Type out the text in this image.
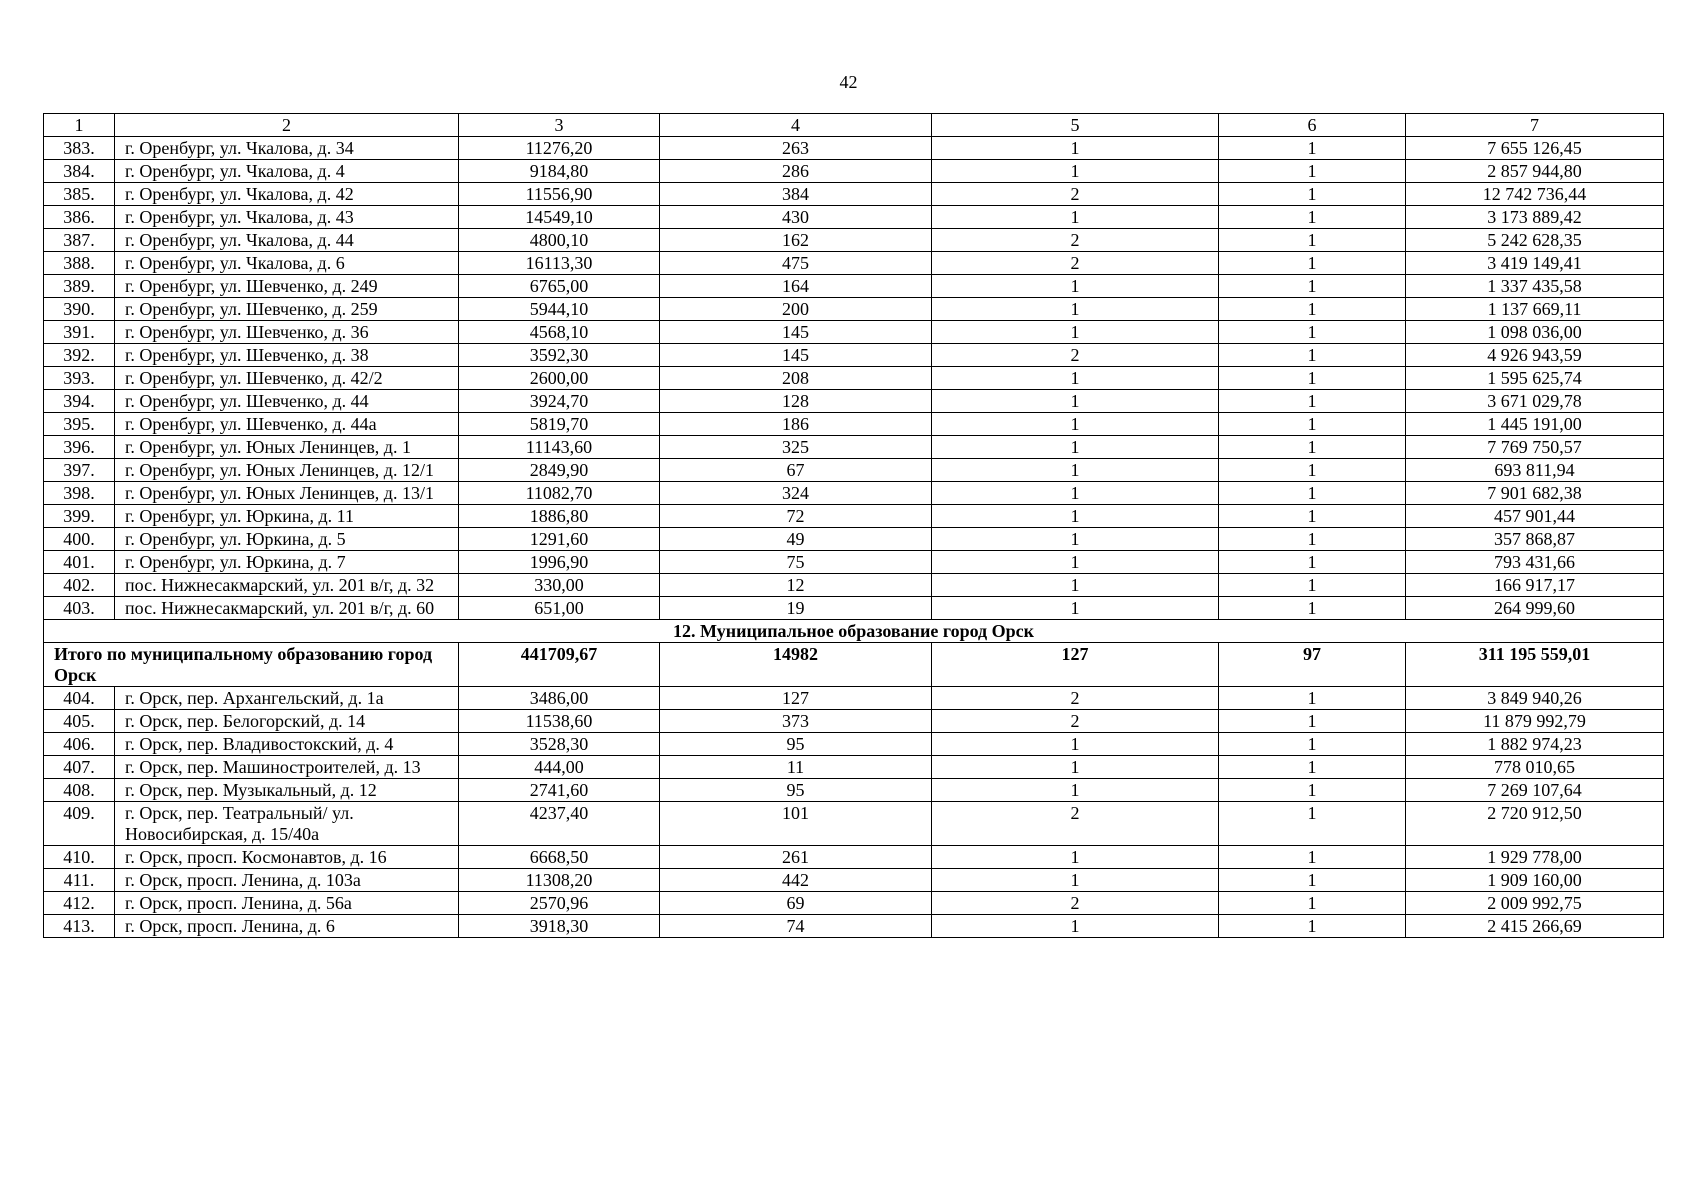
42
1	2	3	4	5	6	7
383.	г. Оренбург, ул. Чкалова, д. 34	11276,20	263	1	1	7 655 126,45
384.	г. Оренбург, ул. Чкалова, д. 4	9184,80	286	1	1	2 857 944,80
385.	г. Оренбург, ул. Чкалова, д. 42	11556,90	384	2	1	12 742 736,44
386.	г. Оренбург, ул. Чкалова, д. 43	14549,10	430	1	1	3 173 889,42
387.	г. Оренбург, ул. Чкалова, д. 44	4800,10	162	2	1	5 242 628,35
388.	г. Оренбург, ул. Чкалова, д. 6	16113,30	475	2	1	3 419 149,41
389.	г. Оренбург, ул. Шевченко, д. 249	6765,00	164	1	1	1 337 435,58
390.	г. Оренбург, ул. Шевченко, д. 259	5944,10	200	1	1	1 137 669,11
391.	г. Оренбург, ул. Шевченко, д. 36	4568,10	145	1	1	1 098 036,00
392.	г. Оренбург, ул. Шевченко, д. 38	3592,30	145	2	1	4 926 943,59
393.	г. Оренбург, ул. Шевченко, д. 42/2	2600,00	208	1	1	1 595 625,74
394.	г. Оренбург, ул. Шевченко, д. 44	3924,70	128	1	1	3 671 029,78
395.	г. Оренбург, ул. Шевченко, д. 44а	5819,70	186	1	1	1 445 191,00
396.	г. Оренбург, ул. Юных Ленинцев, д. 1	11143,60	325	1	1	7 769 750,57
397.	г. Оренбург, ул. Юных Ленинцев, д. 12/1	2849,90	67	1	1	693 811,94
398.	г. Оренбург, ул. Юных Ленинцев, д. 13/1	11082,70	324	1	1	7 901 682,38
399.	г. Оренбург, ул. Юркина, д. 11	1886,80	72	1	1	457 901,44
400.	г. Оренбург, ул. Юркина, д. 5	1291,60	49	1	1	357 868,87
401.	г. Оренбург, ул. Юркина, д. 7	1996,90	75	1	1	793 431,66
402.	пос. Нижнесакмарский, ул. 201 в/г, д. 32	330,00	12	1	1	166 917,17
403.	пос. Нижнесакмарский, ул. 201 в/г, д. 60	651,00	19	1	1	264 999,60
12. Муниципальное образование город Орск						
Итого по муниципальному образованию город Орск		441709,67	14982	127	97	311 195 559,01
404.	г. Орск, пер. Архангельский, д. 1а	3486,00	127	2	1	3 849 940,26
405.	г. Орск, пер. Белогорский, д. 14	11538,60	373	2	1	11 879 992,79
406.	г. Орск, пер. Владивостокский, д. 4	3528,30	95	1	1	1 882 974,23
407.	г. Орск, пер. Машиностроителей, д. 13	444,00	11	1	1	778 010,65
408.	г. Орск, пер. Музыкальный, д. 12	2741,60	95	1	1	7 269 107,64
409.	г. Орск, пер. Театральный/ ул. Новосибирская, д. 15/40а	4237,40	101	2	1	2 720 912,50
410.	г. Орск, просп. Космонавтов, д. 16	6668,50	261	1	1	1 929 778,00
411.	г. Орск, просп. Ленина, д. 103а	11308,20	442	1	1	1 909 160,00
412.	г. Орск, просп. Ленина, д. 56а	2570,96	69	2	1	2 009 992,75
413.	г. Орск, просп. Ленина, д. 6	3918,30	74	1	1	2 415 266,69
